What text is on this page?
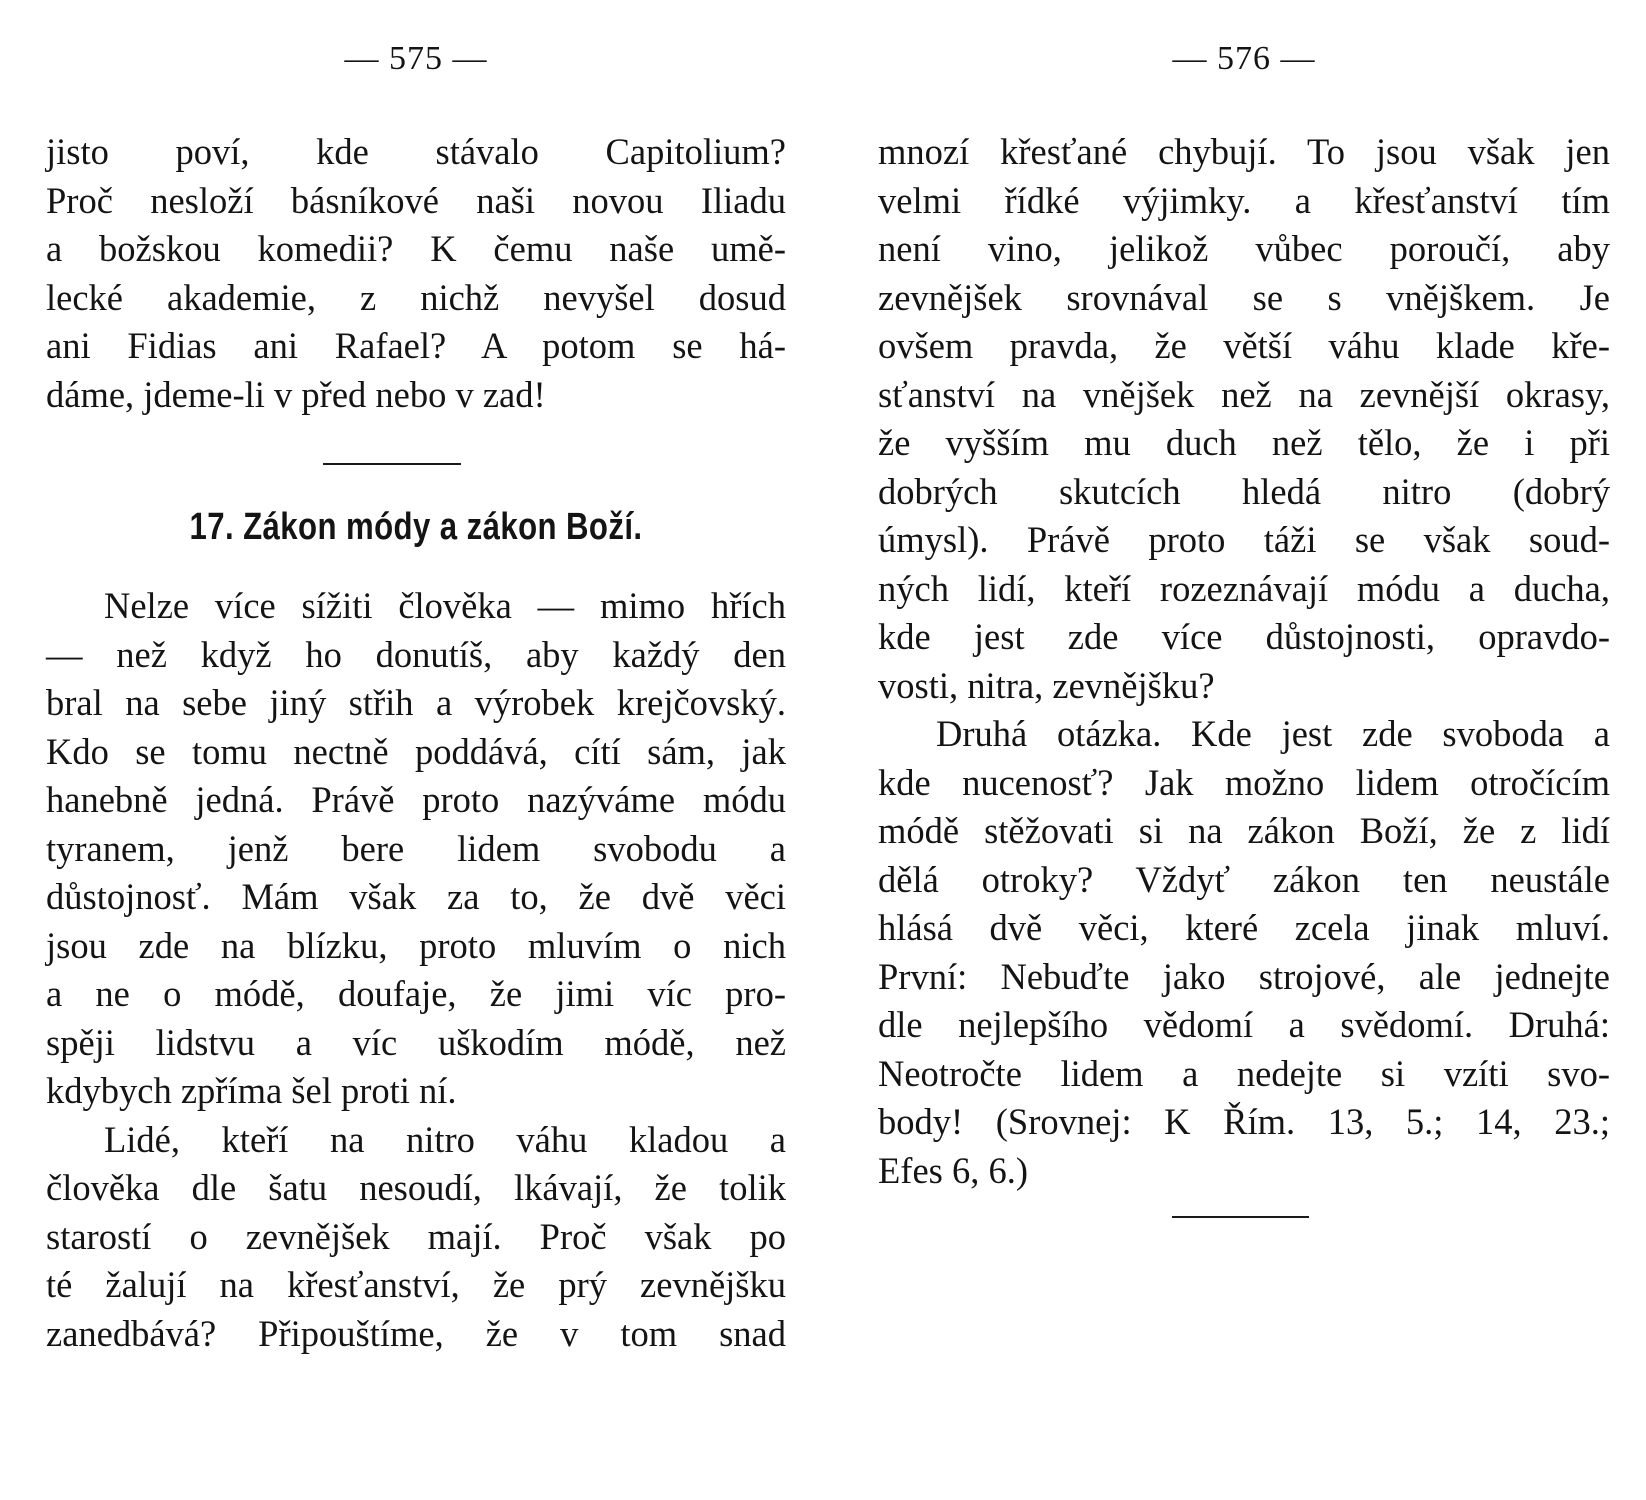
— 575 —
jisto poví, kde stávalo Capitolium?
Proč nesloží básníkové naši novou Iliadu
a božskou komedii? K čemu naše umě-
lecké akademie, z nichž nevyšel dosud
ani Fidias ani Rafael? A potom se há-
dáme, jdeme-li v před nebo v zad!
17. Zákon módy a zákon Boží.
Nelze více sížiti člověka — mimo hřích
— než když ho donutíš, aby každý den
bral na sebe jiný střih a výrobek krejčovský.
Kdo se tomu nectně poddává, cítí sám, jak
hanebně jedná. Právě proto nazýváme módu
tyranem, jenž bere lidem svobodu a
důstojnosť. Mám však za to, že dvě věci
jsou zde na blízku, proto mluvím o nich
a ne o módě, doufaje, že jimi víc pro-
spěji lidstvu a víc uškodím módě, než
kdybych zpříma šel proti ní.
Lidé, kteří na nitro váhu kladou a
člověka dle šatu nesoudí, lkávají, že tolik
starostí o zevnějšek mají. Proč však po
té žalují na křesťanství, že prý zevnějšku
zanedbává? Připouštíme, že v tom snad
— 576 —
mnozí křesťané chybují. To jsou však jen
velmi řídké výjimky. a křesťanství tím
není vino, jelikož vůbec poroučí, aby
zevnějšek srovnával se s vnějškem. Je
ovšem pravda, že větší váhu klade kře-
sťanství na vnějšek než na zevnější okrasy,
že vyšším mu duch než tělo, že i při
dobrých skutcích hledá nitro (dobrý
úmysl). Právě proto táži se však soud-
ných lidí, kteří rozeznávají módu a ducha,
kde jest zde více důstojnosti, opravdo-
vosti, nitra, zevnějšku?
Druhá otázka. Kde jest zde svoboda a
kde nucenosť? Jak možno lidem otročícím
módě stěžovati si na zákon Boží, že z lidí
dělá otroky? Vždyť zákon ten neustále
hlásá dvě věci, které zcela jinak mluví.
První: Nebuďte jako strojové, ale jednejte
dle nejlepšího vědomí a svědomí. Druhá:
Neotročte lidem a nedejte si vzíti svo-
body! (Srovnej: K Řím. 13, 5.; 14, 23.;
Efes 6, 6.)
